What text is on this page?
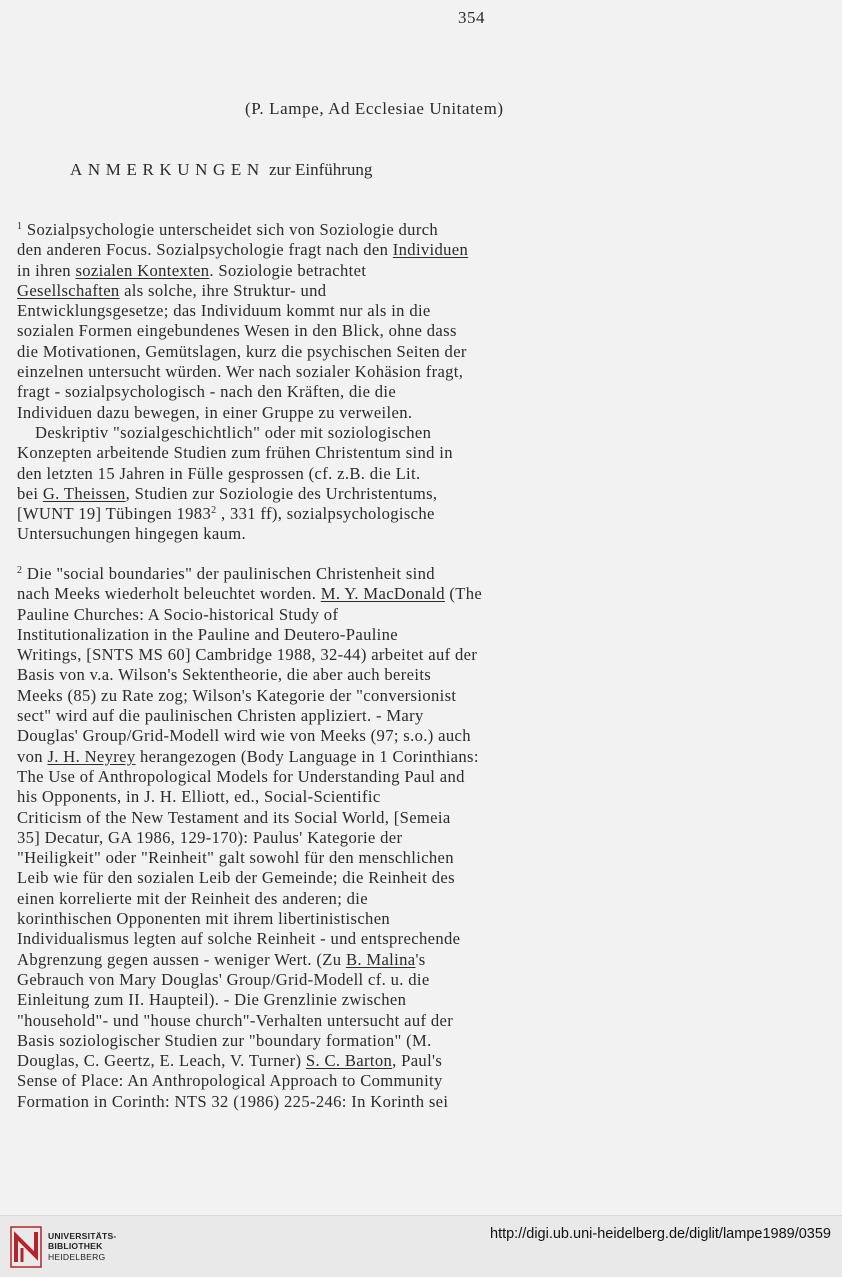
354
(P. Lampe, Ad Ecclesiae Unitatem)
ANMERKUNGEN zur Einführung

$^1$ Sozialpsychologie unterscheidet sich von Soziologie durch

den anderen Focus. Sozialpsychologie fragt nach den Individuen

in ihren sozialen Kontexten. Soziologie betrachtet

Gesellschaften als solche, ihre Struktur- und

Entwicklungsgesetze; das Individuum kommt nur als in die

sozialen Formen eingebundenes Wesen in den Blick, ohne dass

die Motivationen, Gemütslagen, kurz die psychischen Seiten der

einzelnen untersucht würden. Wer nach sozialer Kohäsion fragt,

fragt - sozialpsychologisch - nach den Kräften, die die

Individuen dazu bewegen, in einer Gruppe zu verweilen.

Deskriptiv "sozialgeschichtlich" oder mit soziologischen

Konzepten arbeitende Studien zum frühen Christentum sind in

den letzten 15 Jahren in Fülle gesprossen (cf. z.B. die Lit.

bei G. Theissen, Studien zur Soziologie des Urchristentums,

[WUNT 19] Tübingen 1983$^2$ , 331 ff), sozialpsychologische

Untersuchungen hingegen kaum.

$^2$ Die "social boundaries" der paulinischen Christenheit sind

nach Meeks wiederholt beleuchtet worden. M. Y. MacDonald (The

Pauline Churches: A Socio-historical Study of

Institutionalization in the Pauline and Deutero-Pauline

Writings, [SNTS MS 60] Cambridge 1988, 32-44) arbeitet auf der

Basis von v.a. Wilson's Sektentheorie, die aber auch bereits

Meeks (85) zu Rate zog; Wilson's Kategorie der "conversionist

sect" wird auf die paulinischen Christen appliziert. - Mary

Douglas' Group/Grid-Modell wird wie von Meeks (97; s.o.) auch

von J. H. Neyrey herangezogen (Body Language in 1 Corinthians:

The Use of Anthropological Models for Understanding Paul and

his Opponents, in J. H. Elliott, ed., Social-Scientific

Criticism of the New Testament and its Social World, [Semeia

35] Decatur, GA 1986, 129-170): Paulus' Kategorie der

"Heiligkeit" oder "Reinheit" galt sowohl für den menschlichen

Leib wie für den sozialen Leib der Gemeinde; die Reinheit des

einen korrelierte mit der Reinheit des anderen; die

korinthischen Opponenten mit ihrem libertinistischen

Individualismus legten auf solche Reinheit - und entsprechende

Abgrenzung gegen aussen - weniger Wert. (Zu B. Malina's

Gebrauch von Mary Douglas' Group/Grid-Modell cf. u. die

Einleitung zum II. Haupteil). - Die Grenzlinie zwischen

"household"- und "house church"-Verhalten untersucht auf der

Basis soziologischer Studien zur "boundary formation" (M.

Douglas, C. Geertz, E. Leach, V. Turner) S. C. Barton, Paul's

Sense of Place: An Anthropological Approach to Community

Formation in Corinth: NTS 32 (1986) 225-246: In Korinth sei

UNIVERSITÄTS-
BIBLIOTHEK
HEIDELBERG
http://digi.ub.uni-heidelberg.de/diglit/lampe1989/0359
